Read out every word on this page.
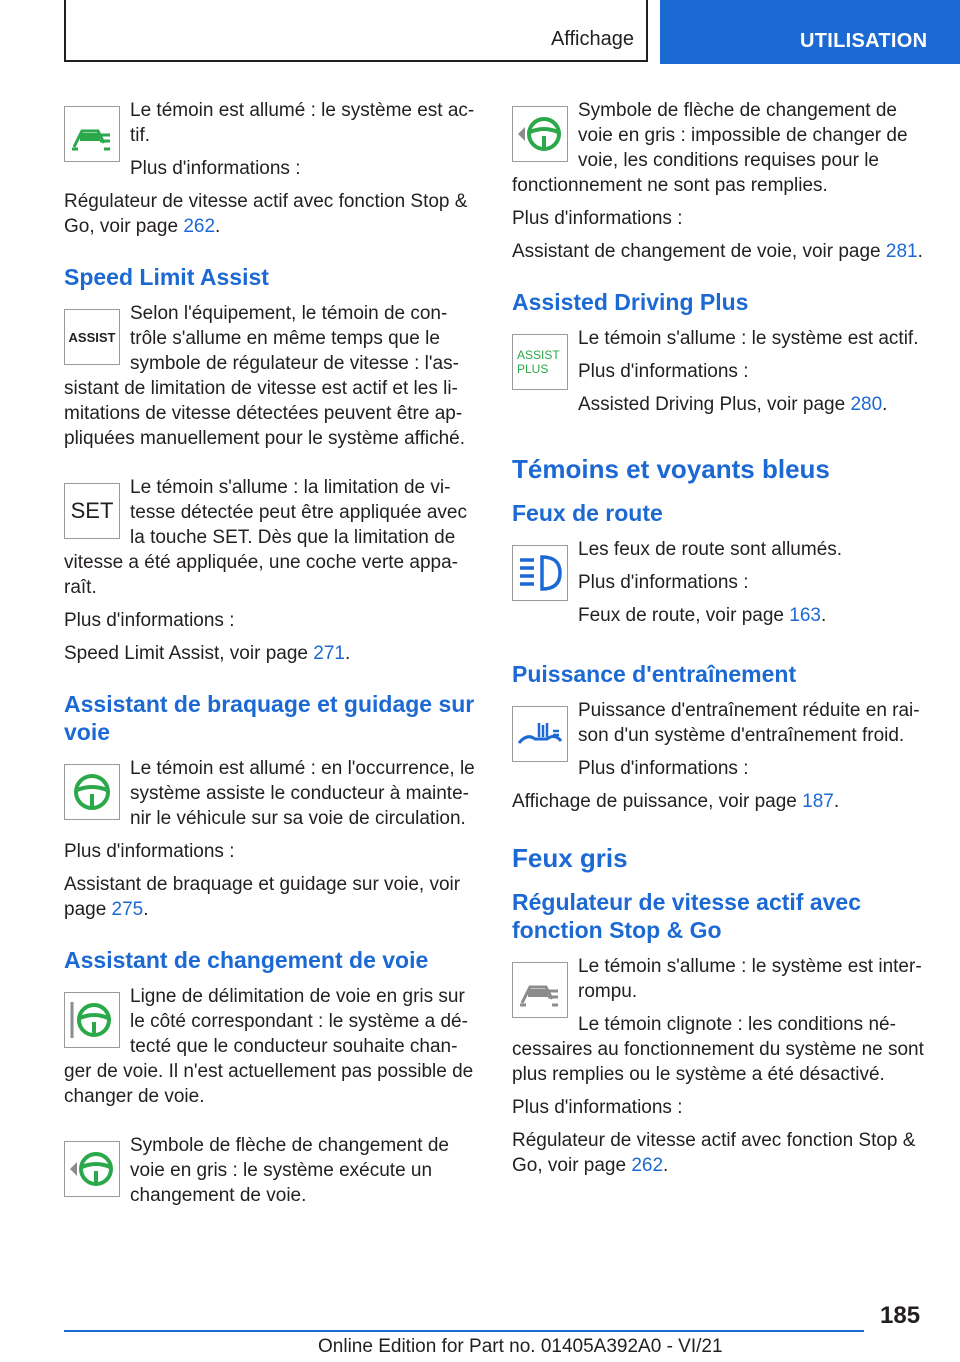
Affichage	UTILISATION

Le témoin est allumé : le système est ac-tif.

Plus d'informations :

Régulateur de vitesse actif avec fonction Stop & Go, voir page 262.

Speed Limit Assist
ASSIST

Selon l'équipement, le témoin de con-trôle s'allume en même temps que le symbole de régulateur de vitesse : l'as-sistant de limitation de vitesse est actif et les li-mitations de vitesse détectées peuvent être ap-pliquées manuellement pour le système affiché.

SET

Le témoin s'allume : la limitation de vi-tesse détectée peut être appliquée avec la touche SET. Dès que la limitation de vitesse a été appliquée, une coche verte appa-raît.

Plus d'informations :

Speed Limit Assist, voir page 271.

Assistant de braquage et guidage sur voie

Le témoin est allumé : en l'occurrence, le système assiste le conducteur à mainte-nir le véhicule sur sa voie de circulation.

Plus d'informations :

Assistant de braquage et guidage sur voie, voir page 275.

Assistant de changement de voie

Ligne de délimitation de voie en gris sur le côté correspondant : le système a dé-tecté que le conducteur souhaite chan-ger de voie. Il n'est actuellement pas possible de changer de voie.

Symbole de flèche de changement de voie en gris : le système exécute un changement de voie.

Symbole de flèche de changement de voie en gris : impossible de changer de voie, les conditions requises pour le fonctionnement ne sont pas remplies.

Plus d'informations :

Assistant de changement de voie, voir page 281.

Assisted Driving Plus
ASSIST
PLUS

Le témoin s'allume : le système est actif.

Plus d'informations :

Assisted Driving Plus, voir page 280.

Témoins et voyants bleus
Feux de route

Les feux de route sont allumés.

Plus d'informations :

Feux de route, voir page 163.

Puissance d'entraînement

Puissance d'entraînement réduite en rai-son d'un système d'entraînement froid.

Plus d'informations :

Affichage de puissance, voir page 187.

Feux gris
Régulateur de vitesse actif avec fonction Stop & Go

Le témoin s'allume : le système est inter-rompu.

Le témoin clignote : les conditions né-cessaires au fonctionnement du système ne sont plus remplies ou le système a été désactivé.

Plus d'informations :

Régulateur de vitesse actif avec fonction Stop & Go, voir page 262.

185
Online Edition for Part no. 01405A392A0 - VI/21
